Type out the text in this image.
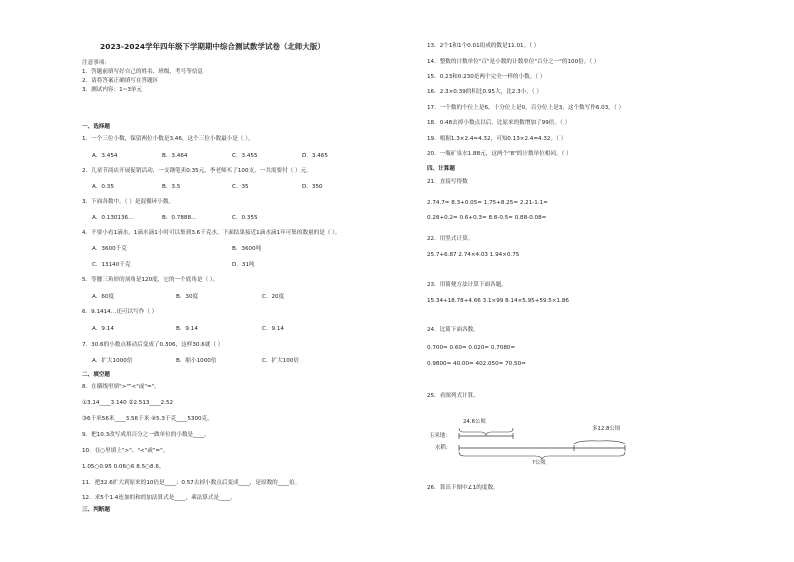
2023-2024学年四年级下学期期中综合测试数学试卷（北师大版）
注意事项：
1．答题前填写好自己的姓名、班级、考号等信息
2．请将答案正确填写在答题区
3．测试内容：1~3单元
一、选择题
1．一个三位小数，保留两位小数是3.46，这个三位小数最小是（ ）。
A．3.454	B．3.464	C．3.455	D．3.465
2．儿童节商店开展促销活动，一支钢笔卖0.35元，李老师买了100支，一共需要付（ ）元。
A．0.35	B．3.5	C．35	D．350
3．下面各数中，（ ）是混循环小数。
A．0.130136…	B．0.7888…	C．0.355
4．不要小看1滴水，1滴水滴1小时可以集到3.6千克水，下面结果接近1滴水滴1年可集的数量的是（ ）。
A．3600千克	B．3600吨
C．13140千克	D．31吨
5．等腰三角形的顶角是120度，它的一个底角是（ ）。
A．60度	B．30度	C．20度
6．9.1414…还可以写作（ ）
A．9.14	B．9.14	C．9.14
7．30.6的小数点移动后变成了0.306，这样30.6就（ ）
A．扩大1000倍	B．缩小1000倍	C．扩大100倍
二、填空题
8．在横线里填">""<"或"="。
①3.14____3.140 ②2.513____2.52
③6千米56米____3.56千米 ④5.3千克____5300克。
9．把10.3改写成用百分之一做单位的小数是____。
10．在○里填上">"、"<"或"="。
1.05○0.95 0.06○6 8.5○8.6。
11．把32.6扩大到原来的10倍是____；0.57去掉小数点后变成____，是原数的____倍。
12．求5个1.4连加的和的加法算式是____，乘法算式是____。
三、判断题
13．2个1和1个0.01组成的数是11.01。（ ）
14．整数的计数单位"百"是小数的计数单位"百分之一"的100倍。（ ）
15．0.23和0.230是两个完全一样的小数。（ ）
16．2.3×0.39的积比0.95大，比2.3小。（ ）
17．一个数的个位上是6，十分位上是0，百分位上是3，这个数写作6.03。（ ）
18．0.48去掉小数点以后，比原来的数增加了99倍。（ ）
19．根据1.3×2.4=4.32，可知0.13×2.4=4.32。（ ）
20．一瓶矿泉水1.88元，这两个"8"的计数单位相同。（ ）
四、计算题
21．直接写得数
2.74.7= 8.3+0.05= 1.75+8.25= 2.21-1.1=
0.28+0.2= 0.6+0.3= 8.8-0.5= 0.88-0.08=
22．用竖式计算。
25.7+6.87 2.74×4.03 1.94×0.75
23．用简便方法计算下面各题。
15.34+18.78+4.66 3.1×99 8.14×5.95+59.5×1.86
24．比简下面各数。
0.700= 0.60= 0.020= 0.7080=
0.9800= 40.00= 402.050= 70.50=
25．看图列式计算。
24.6公顷
多12.8公顷
玉米地：
水稻：
?公顷
26．算出下图中∠1的度数。
